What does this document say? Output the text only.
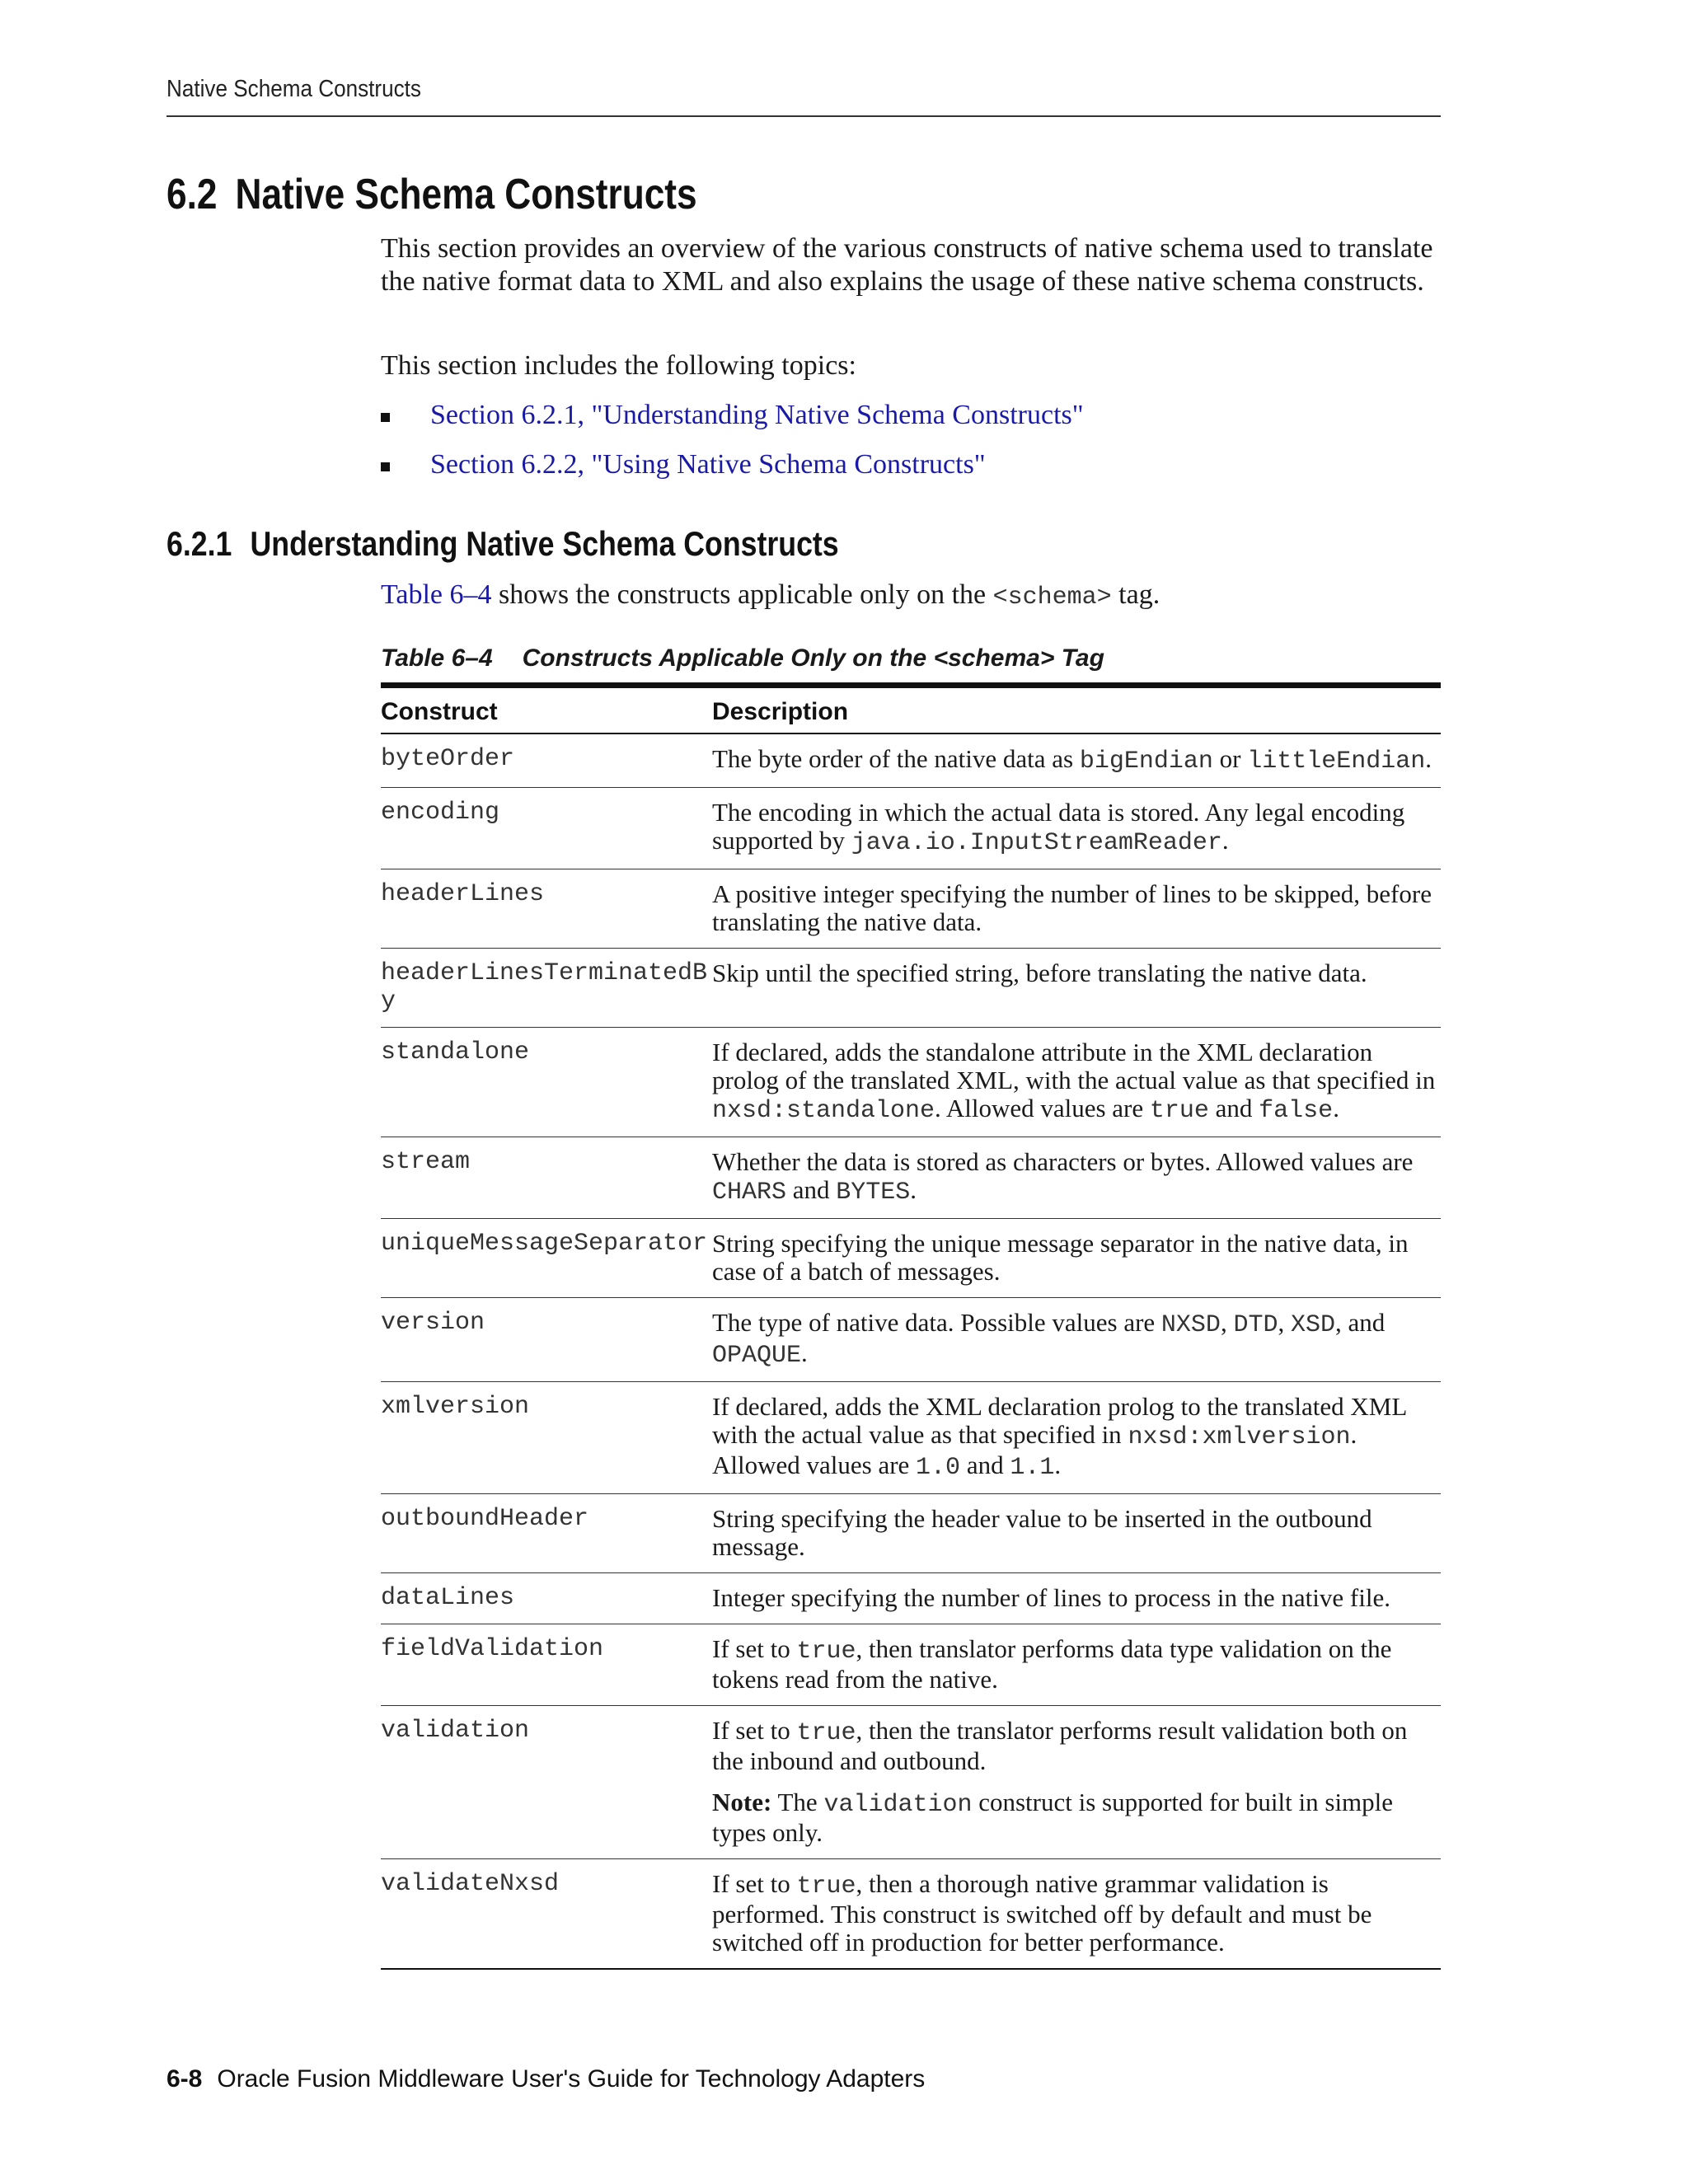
Native Schema Constructs
6.2 Native Schema Constructs

This section provides an overview of the various constructs of native schema used to translate the native format data to XML and also explains the usage of these native schema constructs.

This section includes the following topics:

Section 6.2.1, "Understanding Native Schema Constructs"
Section 6.2.2, "Using Native Schema Constructs"
6.2.1 Understanding Native Schema Constructs

Table 6–4 shows the constructs applicable only on the <schema> tag.

Table 6–4 Constructs Applicable Only on the <schema> Tag
Construct	Description
byteOrder	The byte order of the native data as bigEndian or littleEndian.

encoding	The encoding in which the actual data is stored. Any legal encoding supported by java.io.InputStreamReader.

headerLines	A positive integer specifying the number of lines to be skipped, before translating the native data.

headerLinesTerminatedBy	Skip until the specified string, before translating the native data.

standalone	If declared, adds the standalone attribute in the XML declaration prolog of the translated XML, with the actual value as that specified in nxsd:standalone. Allowed values are true and false.

stream	Whether the data is stored as characters or bytes. Allowed values are CHARS and BYTES.

uniqueMessageSeparator	String specifying the unique message separator in the native data, in case of a batch of messages.

version	The type of native data. Possible values are NXSD, DTD, XSD, and OPAQUE.

xmlversion	If declared, adds the XML declaration prolog to the translated XML with the actual value as that specified in nxsd:xmlversion. Allowed values are 1.0 and 1.1.

outboundHeader	String specifying the header value to be inserted in the outbound message.

dataLines	Integer specifying the number of lines to process in the native file.

fieldValidation	If set to true, then translator performs data type validation on the tokens read from the native.

validation	If set to true, then the translator performs result validation both on the inbound and outbound.
Note: The validation construct is supported for built in simple types only.

validateNxsd	If set to true, then a thorough native grammar validation is performed. This construct is switched off by default and must be switched off in production for better performance.
6-8 Oracle Fusion Middleware User's Guide for Technology Adapters
